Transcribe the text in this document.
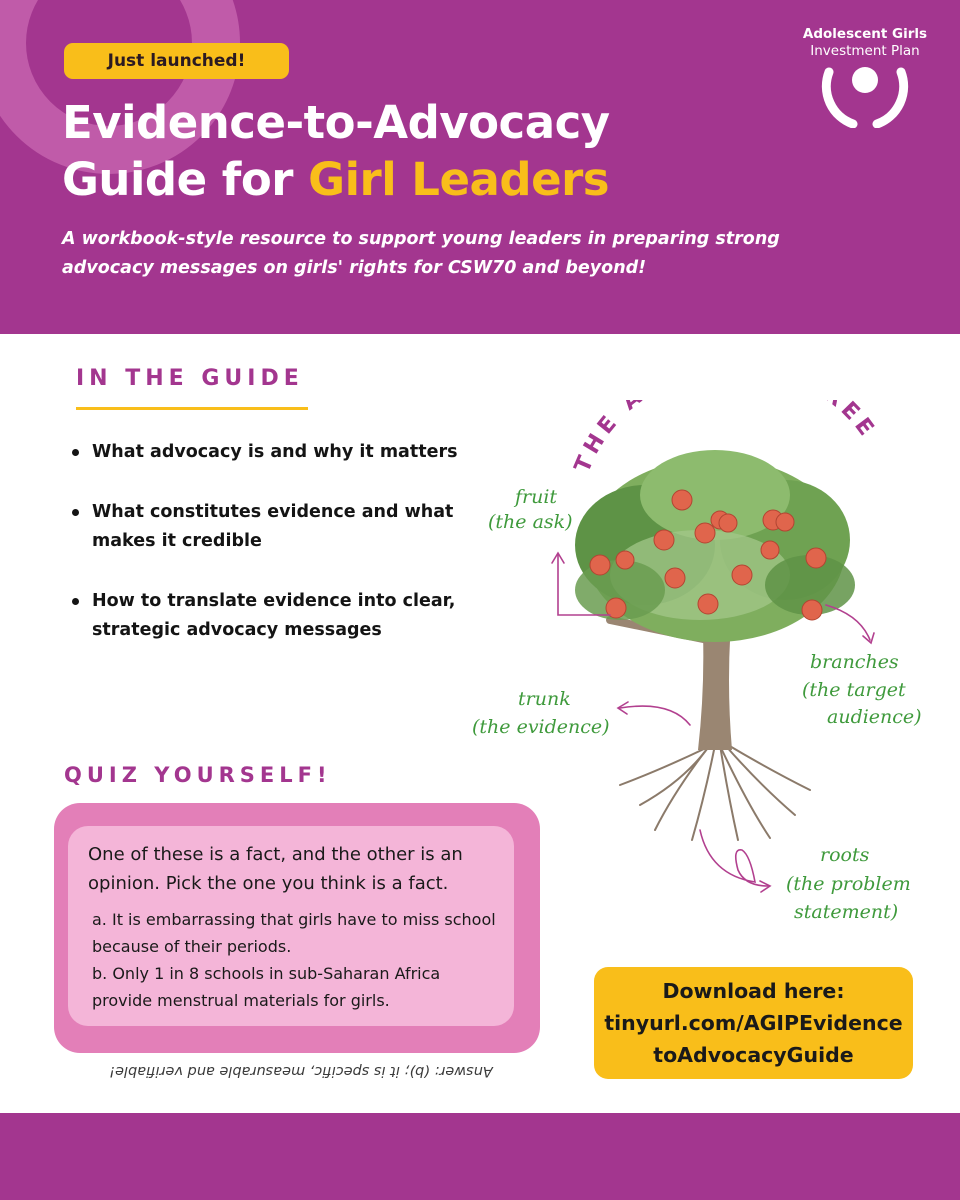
Just launched!
Evidence-to-Advocacy
Guide for Girl Leaders
A workbook-style resource to support young leaders in preparing strong advocacy messages on girls' rights for CSW70 and beyond!
Adolescent Girls
Investment Plan
IN THE GUIDE
What advocacy is and why it matters
What constitutes evidence and what makes it credible
How to translate evidence into clear, strategic advocacy messages
THE EE
fruit
(the ask)
branches
(the target
audience)
trunk
(the evidence)
roots
(the problem
statement)
QUIZ YOURSELF!
One of these is a fact, and the other is an opinion. Pick the one you think is a fact.
a. It is embarrassing that girls have to miss school because of their periods.
b. Only 1 in 8 schools in sub-Saharan Africa provide menstrual materials for girls.
Answer: (b); it is specific, measurable and verifiable!
Download here:
tinyurl.com/AGIPEvidence
toAdvocacyGuide
